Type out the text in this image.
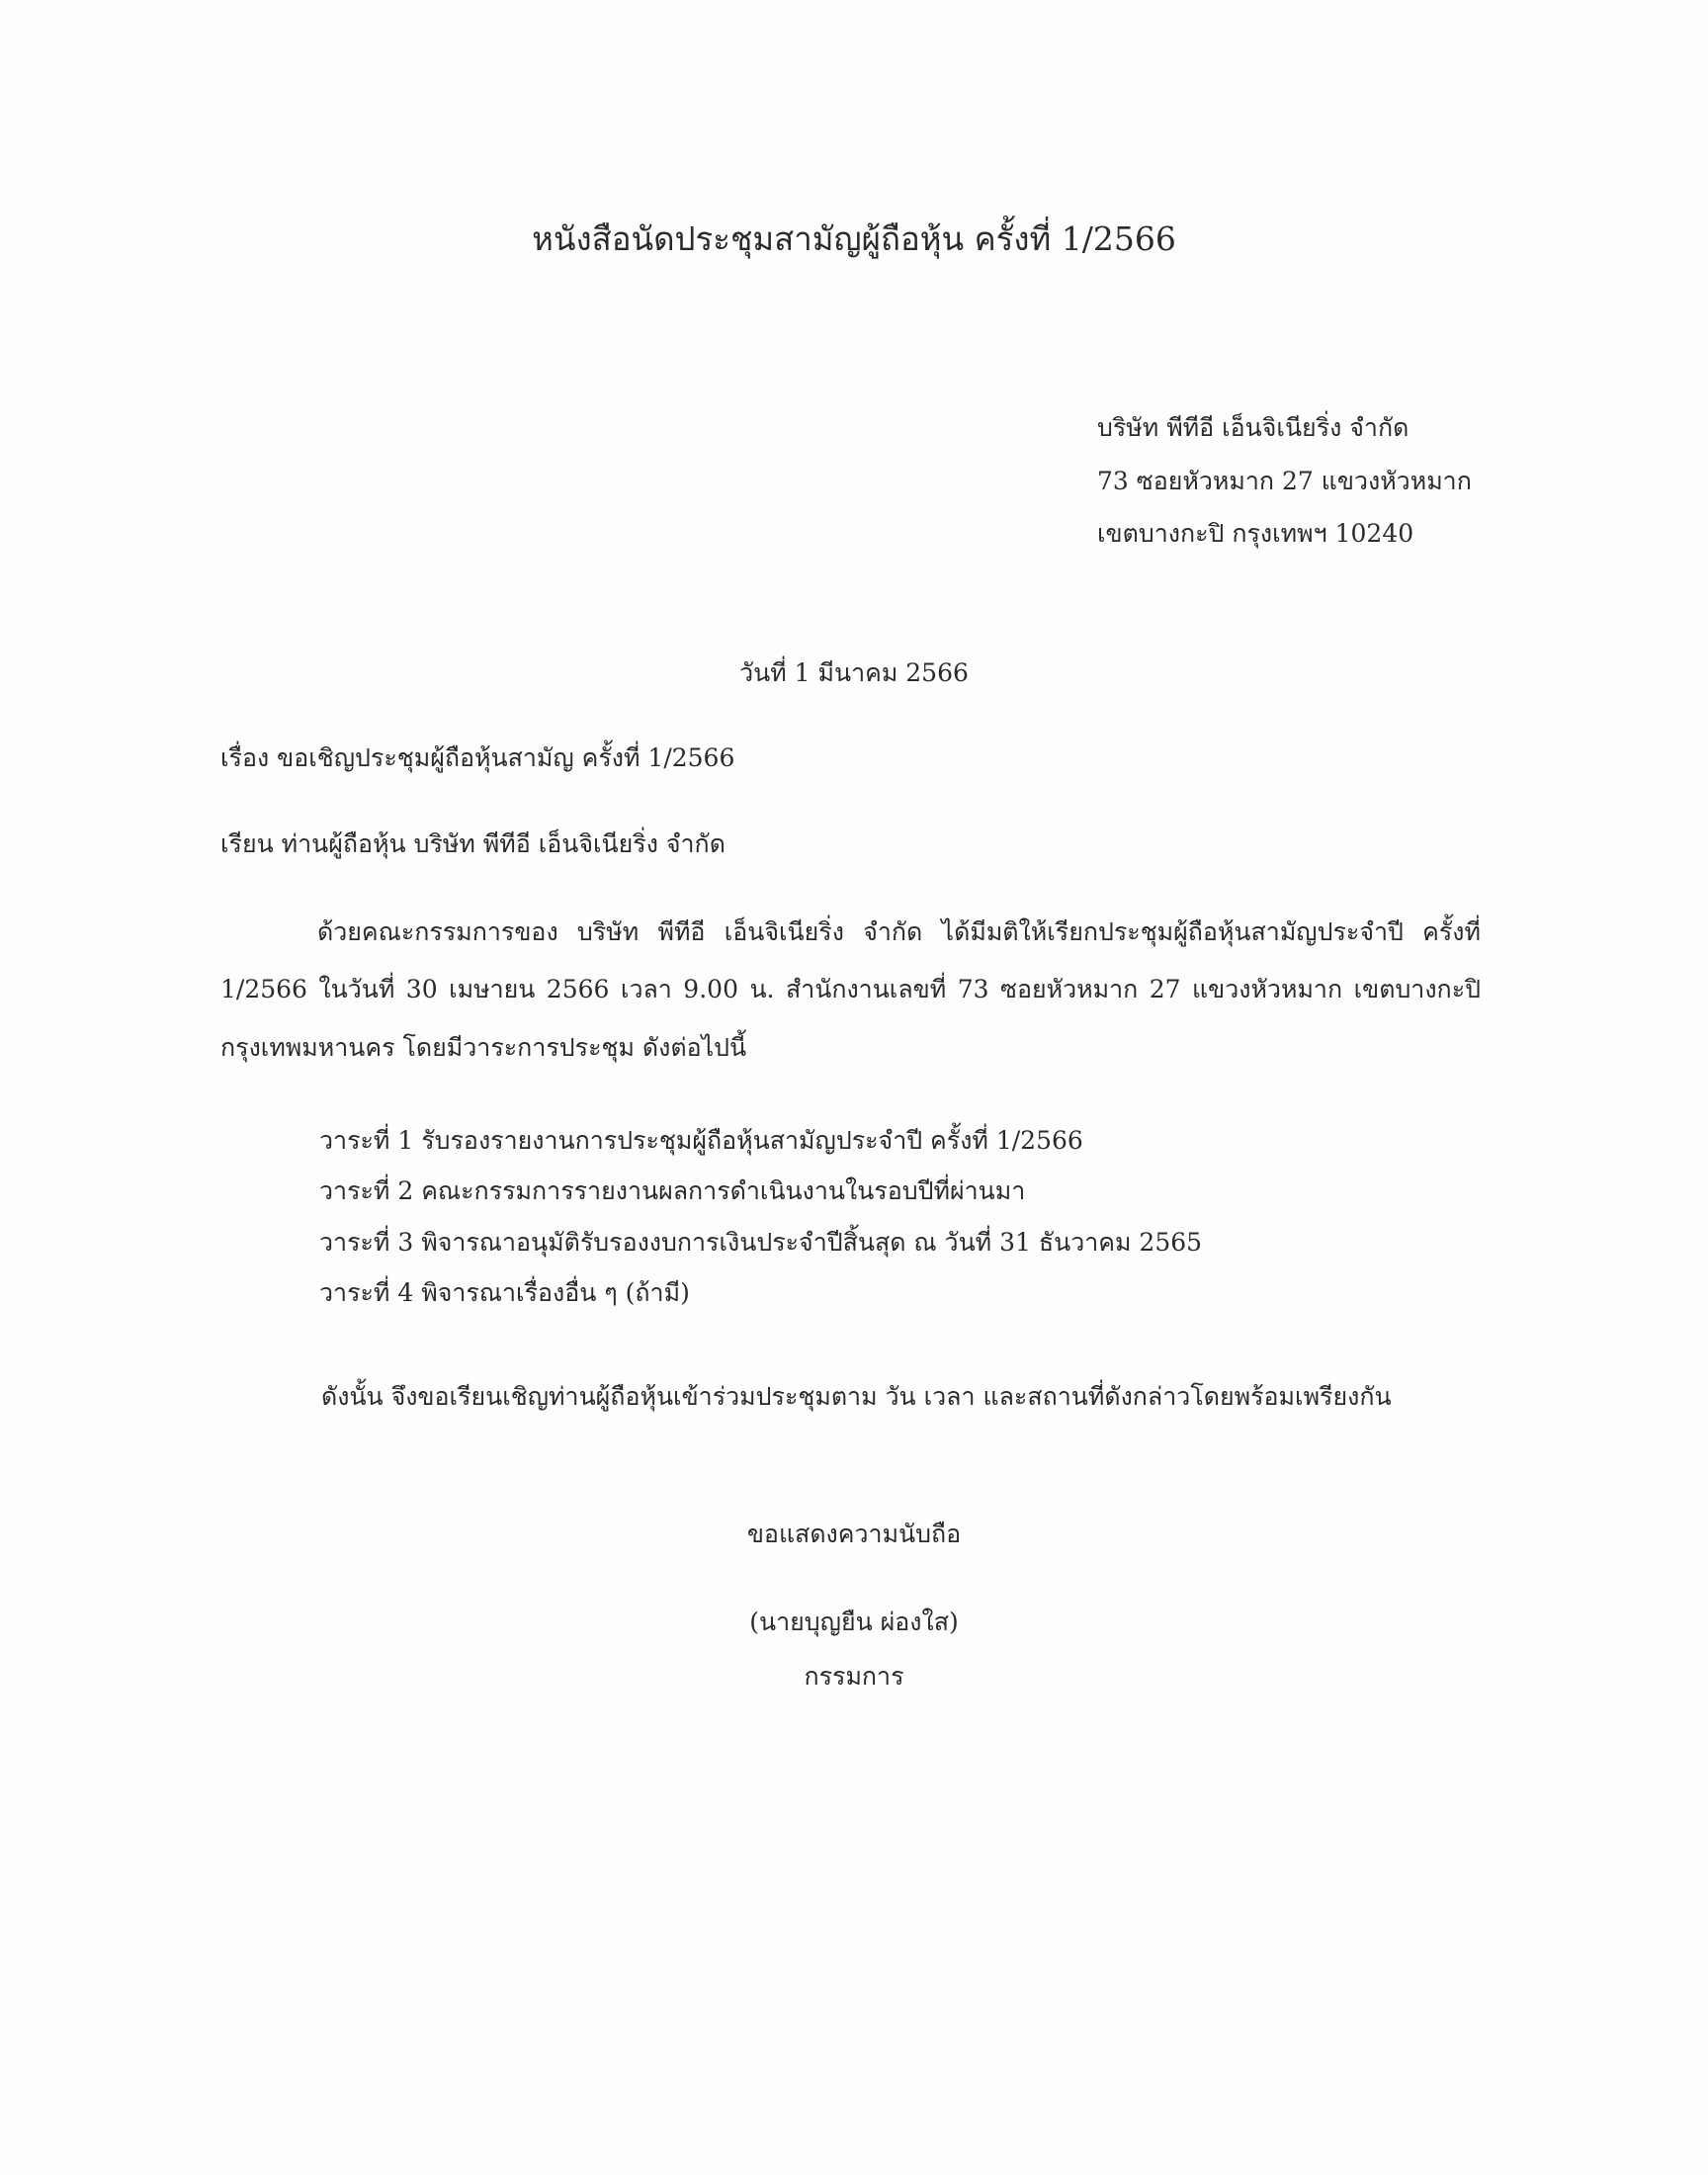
หนังสือนัดประชุมสามัญผู้ถือหุ้น ครั้งที่ 1/2566
บริษัท พีทีอี เอ็นจิเนียริ่ง จำกัด
73 ซอยหัวหมาก 27 แขวงหัวหมาก
เขตบางกะปิ กรุงเทพฯ 10240
วันที่ 1 มีนาคม 2566
เรื่อง ขอเชิญประชุมผู้ถือหุ้นสามัญ ครั้งที่ 1/2566
เรียน ท่านผู้ถือหุ้น บริษัท พีทีอี เอ็นจิเนียริ่ง จำกัด
ด้วยคณะกรรมการของ บริษัท พีทีอี เอ็นจิเนียริ่ง จำกัด ได้มีมติให้เรียกประชุมผู้ถือหุ้นสามัญประจำปี ครั้งที่
1/2566 ในวันที่ 30 เมษายน 2566 เวลา 9.00 น. สำนักงานเลขที่ 73 ซอยหัวหมาก 27 แขวงหัวหมาก เขตบางกะปิ
กรุงเทพมหานคร โดยมีวาระการประชุม ดังต่อไปนี้
วาระที่ 1 รับรองรายงานการประชุมผู้ถือหุ้นสามัญประจำปี ครั้งที่ 1/2566
วาระที่ 2 คณะกรรมการรายงานผลการดำเนินงานในรอบปีที่ผ่านมา
วาระที่ 3 พิจารณาอนุมัติรับรองงบการเงินประจำปีสิ้นสุด ณ วันที่ 31 ธันวาคม 2565
วาระที่ 4 พิจารณาเรื่องอื่น ๆ (ถ้ามี)
ดังนั้น จึงขอเรียนเชิญท่านผู้ถือหุ้นเข้าร่วมประชุมตาม วัน เวลา และสถานที่ดังกล่าวโดยพร้อมเพรียงกัน
ขอแสดงความนับถือ
(นายบุญยืน ผ่องใส)
กรรมการ
